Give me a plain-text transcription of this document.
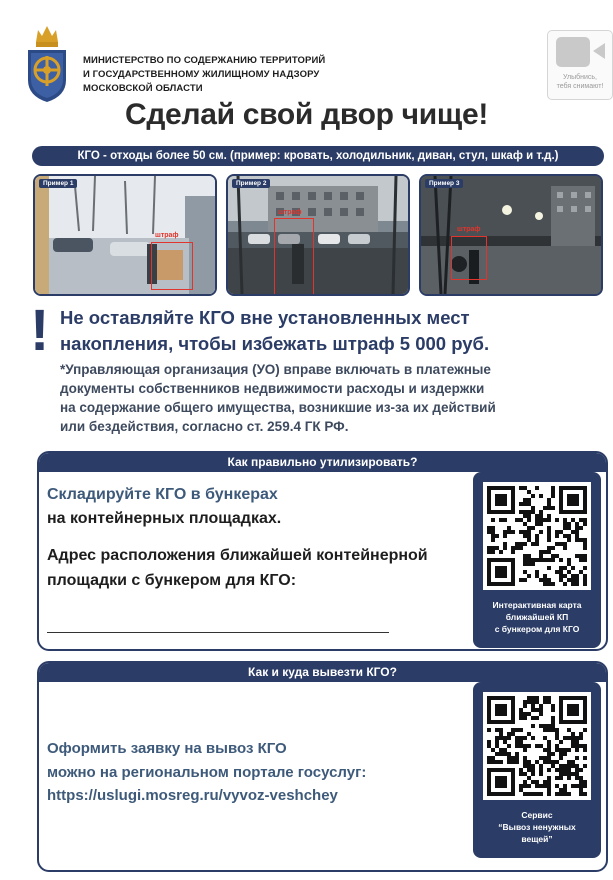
МИНИСТЕРСТВО ПО СОДЕРЖАНИЮ ТЕРРИТОРИЙ
И ГОСУДАРСТВЕННОМУ ЖИЛИЩНОМУ НАДЗОРУ
МОСКОВСКОЙ ОБЛАСТИ
Улыбнись,
тебя снимают!
Сделай свой двор чище!
КГО - отходы более 50 см. (пример: кровать, холодильник, диван, стул, шкаф и т.д.)
Пример 1
штраф
Пример 2
штраф
Пример 3
штраф
! Не оставляйте КГО вне установленных мест
накопления, чтобы избежать штраф 5 000 руб.
*Управляющая организация (УО) вправе включать в платежные
документы собственников недвижимости расходы и издержки
на содержание общего имущества, возникшие из-за их действий
или бездействия, согласно ст. 259.4 ГК РФ.
Как правильно утилизировать?
Складируйте КГО в бункерах
на контейнерных площадках.
Адрес расположения ближайшей контейнерной площадки с бункером для КГО:
Интерактивная карта
ближайшей КП
с бункером для КГО
Как и куда вывезти КГО?
Оформить заявку на вывоз КГО
можно на региональном портале госуслуг:
https://uslugi.mosreg.ru/vyvoz-veshchey
Сервис
“Вывоз ненужных
вещей”
